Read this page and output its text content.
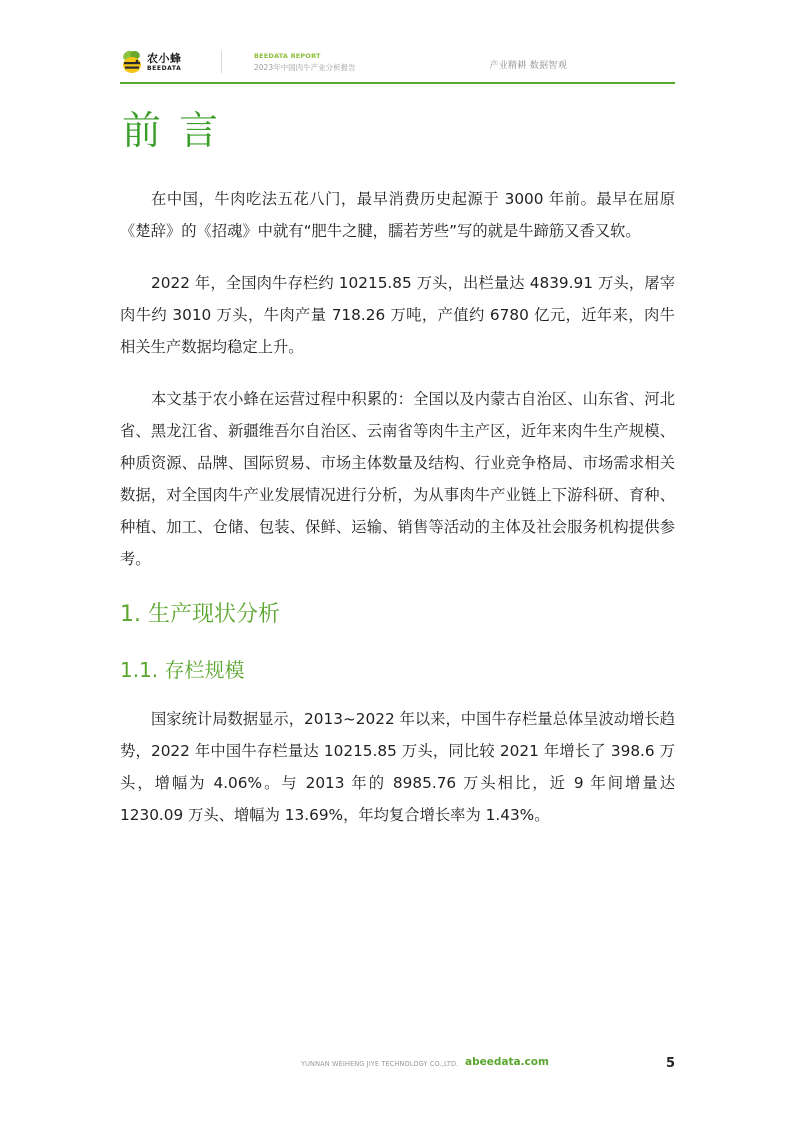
农小蜂
BEEDATA
BEEDATA REPORT
2023年中国肉牛产业分析报告	产业精耕 数据智观
前言

在中国，牛肉吃法五花八门，最早消费历史起源于 3000 年前。最早在屈原《楚辞》的《招魂》中就有“肥牛之腱，臑若芳些”写的就是牛蹄筋又香又软。

2022 年，全国肉牛存栏约 10215.85 万头，出栏量达 4839.91 万头，屠宰肉牛约 3010 万头，牛肉产量 718.26 万吨，产值约 6780 亿元，近年来，肉牛相关生产数据均稳定上升。

本文基于农小蜂在运营过程中积累的：全国以及内蒙古自治区、山东省、河北省、黑龙江省、新疆维吾尔自治区、云南省等肉牛主产区，近年来肉牛生产规模、种质资源、品牌、国际贸易、市场主体数量及结构、行业竞争格局、市场需求相关数据，对全国肉牛产业发展情况进行分析，为从事肉牛产业链上下游科研、育种、种植、加工、仓储、包装、保鲜、运输、销售等活动的主体及社会服务机构提供参考。

1. 生产现状分析
1.1. 存栏规模

国家统计局数据显示，2013~2022 年以来，中国牛存栏量总体呈波动增长趋势，2022 年中国牛存栏量达 10215.85 万头，同比较 2021 年增长了 398.6 万头，增幅为 4.06%。与 2013 年的 8985.76 万头相比，近 9 年间增量达 1230.09 万头、增幅为 13.69%，年均复合增长率为 1.43%。

YUNNAN WEIHENG JIYE TECHNOLOGY CO.,LTD. abeedata.com	5
